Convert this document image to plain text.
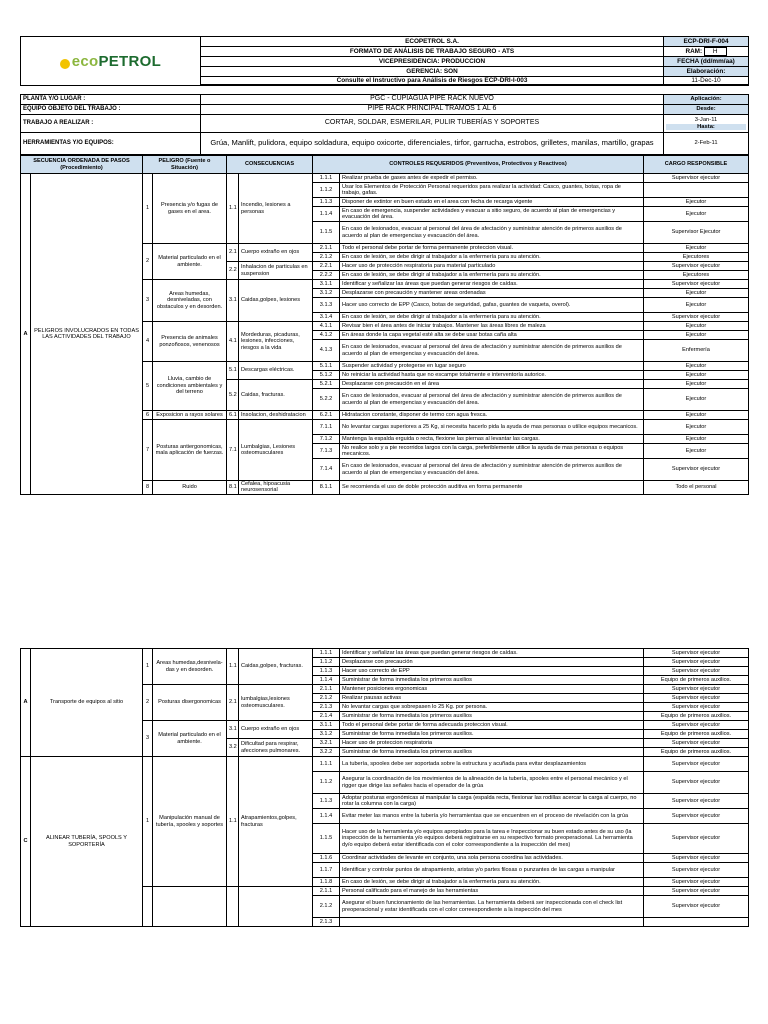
ecoPETROL	ECOPETROL S.A.	ECP-DRI-F-004
	FORMATO DE ANÁLISIS DE TRABAJO SEGURO - ATS	RAM: H
	VICEPRESIDENCIA: PRODUCCION	FECHA (dd/mm/aa)
	GERENCIA: SON	Elaboración:
	Consulte el Instructivo para Análisis de Riesgos ECP-DRI-I-003	11-Dec-10

PLANTA Y/O LUGAR :	PGC - CUPIAGUA PIPE RACK NUEVO	Aplicación:
EQUIPO OBJETO DEL TRABAJO :	PIPE RACK PRINCIPAL TRAMOS 1 AL 6	Desde:
TRABAJO A REALIZAR :	CORTAR, SOLDAR, ESMERILAR, PULIR TUBERÍAS Y SOPORTES	3-Jan-11
Hasta:

HERRAMIENTAS Y/O EQUIPOS:	Grúa, Manlift, pulidora, equipo soldadura, equipo oxicorte, diferenciales, tirfor, garrucha, estrobos, grilletes, manilas, martillo, grapas	2-Feb-11
SECUENCIA ORDENADA DE PASOS (Procedimiento)		PELIGRO (Fuente o Situación)		CONSECUENCIAS		CONTROLES REQUERIDOS (Preventivos, Protectivos y Reactivos)		CARGO RESPONSIBLE
A	PELIGROS INVOLUCRADOS EN TODAS LAS ACTIVIDADES DEL TRABAJO	1	Presencia y/o fugas de gases en el area.	1.1	Incendio, lesiones a personas	1.1.1	Realizar prueba de gases antes de expedir el permiso.	Supervisor ejecutor
						1.1.2	Usar los Elementos de Protección Personal requeridos para realizar la actividad: Casco, guantes, botas, ropa de trabajo, gafas.	
						1.1.3	Disponer de extintor en buen estado en el area con fecha de recarga vigente	Ejecutor
						1.1.4	En caso de emergencia, suspender actividades y evacuar a sitio seguro, de acuerdo al plan de emergencias y evacuación del área.	Ejecutor
						1.1.5	En caso de lesionados, evacuar al personal del área de afectación y suministrar atención de primeros auxilios de acuerdo al plan de emergencias y evacuación del área.	Supervisor Ejecutor
		2	Material particulado en el ambiente.	2.1	Cuerpo extraño en ojos	2.1.1	Todo el personal debe portar de forma permanente proteccion visual.	Ejecutor
						2.1.2	En caso de lesión, se debe dirigir al trabajador a la enfermería para su atención.	Ejecutores
				2.2	Inhalacion de particulas en suspension	2.2.1	Hacer uso de protección respiratoria para material particulado	Supervisor ejecutor
						2.2.2	En caso de lesión, se debe dirigir al trabajador a la enfermería para su atención.	Ejecutores
		3	Areas humedas, desniveladas, con obstaculos y en desorden.	3.1	Caidas,golpes, lesiones	3.1.1	Identificar y señalizar las áreas que puedan generar riesgos de caídas.	Supervisor ejecutor
						3.1.2	Desplazarse con precaución y mantener areas ordenadas	Ejecutor
						3.1.3	Hacer uso correcto de EPP (Casco, botas de seguridad, gafas, guantes de vaqueta, overol).	Ejecutor
						3.1.4	En caso de lesión, se debe dirigir al trabajador a la enfermería para su atención.	Supervisor ejecutor
		4	Presencia de animales ponzoñosos, venenosos	4.1	Mordeduras, picaduras, lesiones, infecciones, riesgos a la vida	4.1.1	Revisar bien el área antes de iniciar trabajos. Mantener las áreas libres de maleza	Ejecutor
						4.1.2	En áreas donde la capa vegetal esté alta se debe usar botas caña alta	Ejecutor
						4.1.3	En caso de lesionados, evacuar al personal del área de afectación y suministrar atención de primeros auxilios de acuerdo al plan de emergencias y evacuación del área.	Enfermería
		5	Lluvia, cambio de condiciones ambientales y del terreno	5.1	Descargas eléctricas.	5.1.1	Suspender actividad y protegerse en lugar seguro	Ejecutor
						5.1.2	No reiniciar la actividad hasta que no escampe totalmente e interventoría autorice.	Ejecutor
				5.2	Caidas, fracturas.	5.2.1	Desplazarse con precaución en el área	Ejecutor
						5.2.2	En caso de lesionados, evacuar al personal del área de afectación y suministrar atención de primeros auxilios de acuerdo al plan de emergencias y evacuación del área.	Ejecutor
		6	Exposicion a rayos solares	6.1	Insolacion, deshidratacion	6.2.1	Hidratacion constante, disponer de termo con agua fresca.	Ejecutor
		7	Posturas antiergonomicas, mala aplicación de fuerzas.	7.1	Lumbalgias, Lesiones osteomusculares	7.1.1	No levantar cargas superiores a 25 Kg, si necesita hacerlo pida la ayuda de mas personas o utilice equipos mecanicos.	Ejecutor
						7.1.2	Mantenga la espalda erguida o recta, flexione las piernas al levantar las cargas.	Ejecutor
						7.1.3	No realice solo y a pie recorridos largos con la carga, preferiblemente utilice la ayuda de mas personas o equipos mecanicos.	Ejecutor
						7.1.4	En caso de lesionados, evacuar al personal del área de afectación y suministrar atención de primeros auxilios de acuerdo al plan de emergencias y evacuación del área.	Supervisor ejecutor
		8	Ruido	8.1	Cefalea, hipoacusia neurosensorial	8.1.1	Se recomienda el uso de doble protección auditiva en forma permanente	Todo el personal
A	Transporte de equipos al sitio	1	Areas humedas,desnivela-das y en desorden.	1.1	Caidas,golpes, fracturas.	1.1.1	Identificar y señalizar las áreas que puedan generar riesgos de caídas.	Supervisor ejecutor
						1.1.2	Desplazarse con precaución	Supervisor ejecutor
						1.1.3	Hacer uso correcto de EPP	Supervisor ejecutor
						1.1.4	Suministrar de forma inmediata los primeros auxilios	Equipo de primeros auxilios.
		2	Posturas disergonomicas	2.1	lumbalgias,lesiones osteomusculares.	2.1.1	Mantener posiciones ergonomicas	Supervisor ejecutor
						2.1.2	Realizar pausas activas	Supervisor ejecutor
						2.1.3	No levantar cargas que sobrepasen lo 25 Kg. por persona.	Supervisor ejecutor
						2.1.4	Suministrar de forma inmediata los primeros auxilios	Equipo de primeros auxilios.
		3	Material particulado en el ambiente.	3.1	Cuerpo extraño en ojos	3.1.1	Todo el personal debe portar de forma adecuada proteccion visual.	Supervisor ejecutor
						3.1.2	Suministrar de forma inmediata los primeros auxilios.	Equipo de primeros auxilios.
				3.2	Dificultad para respirar, afecciones pulmonares.	3.2.1	Hacer uso de proteccion respiratoria	Supervisor ejecutor
						3.2.2	Suministrar de forma inmediata los primeros auxilios	Equipo de primeros auxilios.
C	ALINEAR TUBERÍA, SPOOLS Y SOPORTERÍA	1	Manipulación manual de tubería, spooles y soportes	1.1	Atrapamientos,golpes, fracturas	1.1.1	La tubería, spooles debe ser soportada sobre la estructura y acuñada para evitar desplazamientos	Supervisor ejecutor
						1.1.2	Asegurar la coordinación de los movimientos de la alineación de la tubería, spooles entre el personal mecánico y el rigger que dirige las señales hacia el operador de la grúa	Supervisor ejecutor
						1.1.3	Adoptar posturas ergonómicas al manipular la carga (espalda recta, flexionar las rodillas acercar la carga al cuerpo, no rotar la columna con la carga)	Supervisor ejecutor
						1.1.4	Evitar meter las manos entre la tubería y/o herramientas que se encuentren en el proceso de nivelación con la grúa	Supervisor ejecutor
						1.1.5	Hacer uso de la herramienta y/o equipos apropiados para la tarea e Inspeccionar su buen estado antes de su uso (la inspección de la herramienta y/o equipos deberá registrarse en su respectivo formato preoperacional. La herramienta dy/o equipo deberá estar identificada con el color correespondiente a la inspección del mes)	Supervisor ejecutor
						1.1.6	Coordinar actividades de levante en conjunto, una sola persona coordina las actividades.	Supervisor ejecutor
						1.1.7	Identificar y controlar puntos de atrapamiento, aristas y/o partes filosas o punzantes de las cargas a manipular	Supervisor ejecutor
						1.1.8	En caso de lesión, se debe dirigir al trabajador a la enfermería para su atención.	Supervisor ejecutor
						2.1.1	Personal calificado para el manejo de las herramientas	Supervisor ejecutor
						2.1.2	Asegurar el buen funcionamiento de las herramientas. La herramienta deberá ser inspeccionada con el check list preoperacional y estar identificada con el color correespondiente a la inspección del mes	Supervisor ejecutor
						2.1.3		
